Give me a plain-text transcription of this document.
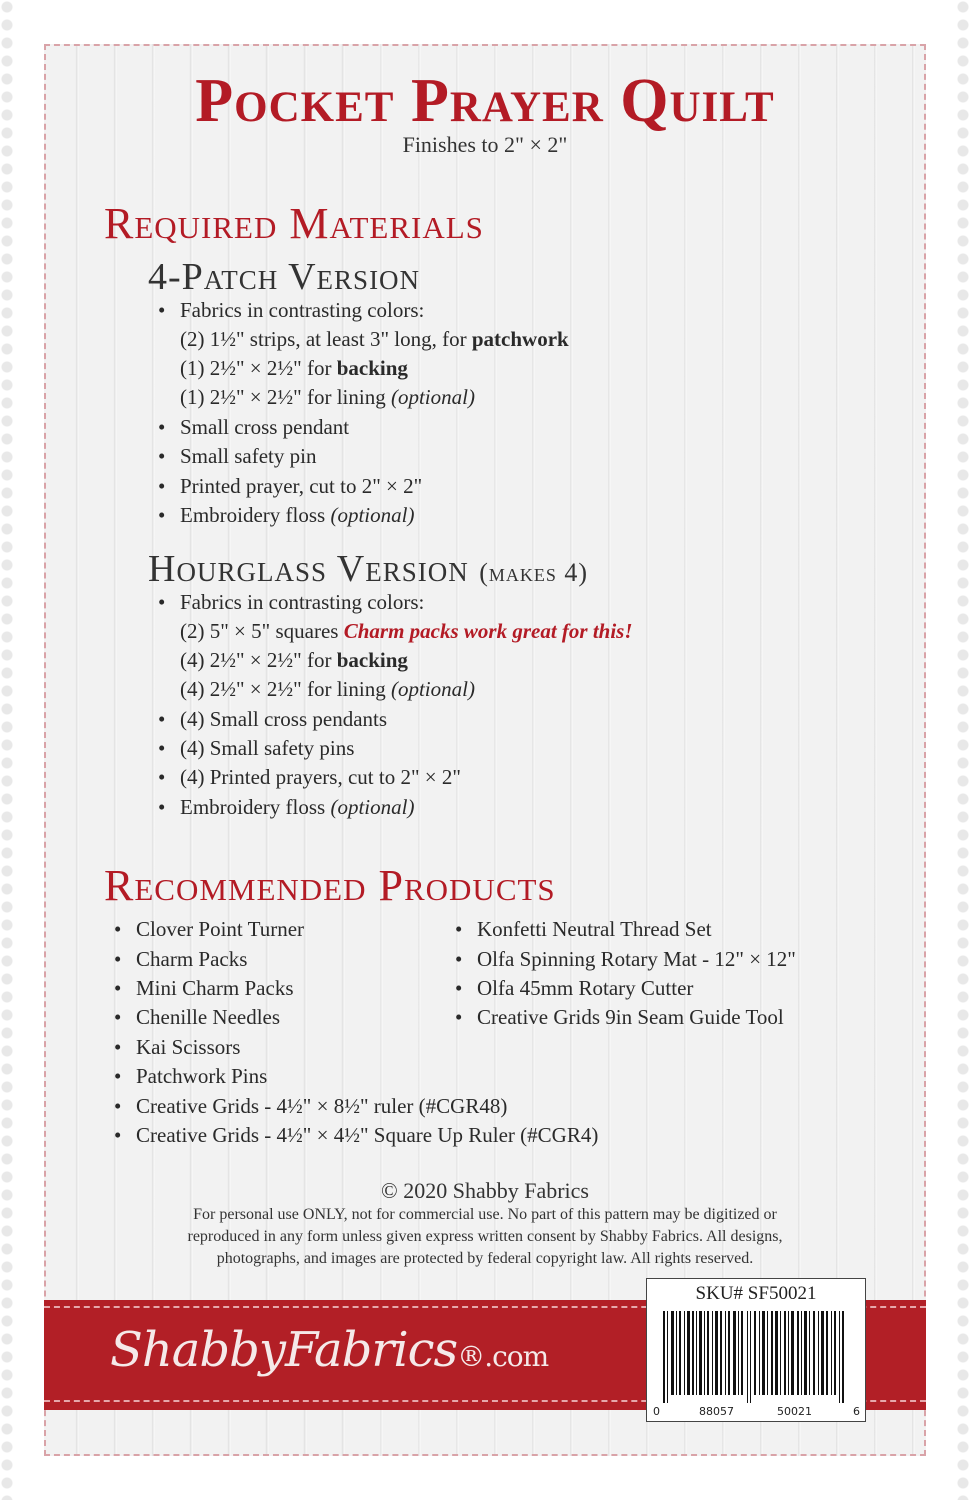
Pocket Prayer Quilt
Finishes to 2" × 2"
Required Materials
4-Patch Version
• Fabrics in contrasting colors:
(2) 1½" strips, at least 3" long, for patchwork
(1) 2½" × 2½" for backing
(1) 2½" × 2½" for lining (optional)
• Small cross pendant
• Small safety pin
• Printed prayer, cut to 2" × 2"
• Embroidery floss (optional)
Hourglass Version (makes 4)
• Fabrics in contrasting colors:
(2) 5" × 5" squares Charm packs work great for this!
(4) 2½" × 2½" for backing
(4) 2½" × 2½" for lining (optional)
• (4) Small cross pendants
• (4) Small safety pins
• (4) Printed prayers, cut to 2" × 2"
• Embroidery floss (optional)
Recommended Products
• Clover Point Turner
• Charm Packs
• Mini Charm Packs
• Chenille Needles
• Kai Scissors
• Patchwork Pins
• Creative Grids - 4½" × 8½" ruler (#CGR48)
• Creative Grids - 4½" × 4½" Square Up Ruler (#CGR4)
• Konfetti Neutral Thread Set
• Olfa Spinning Rotary Mat - 12" × 12"
• Olfa 45mm Rotary Cutter
• Creative Grids 9in Seam Guide Tool
© 2020 Shabby Fabrics
For personal use ONLY, not for commercial use. No part of this pattern may be digitized or
reproduced in any form unless given express written consent by Shabby Fabrics. All designs,
photographs, and images are protected by federal copyright law. All rights reserved.
ShabbyFabrics®.com
SKU# SF50021
0	88057	50021	6
